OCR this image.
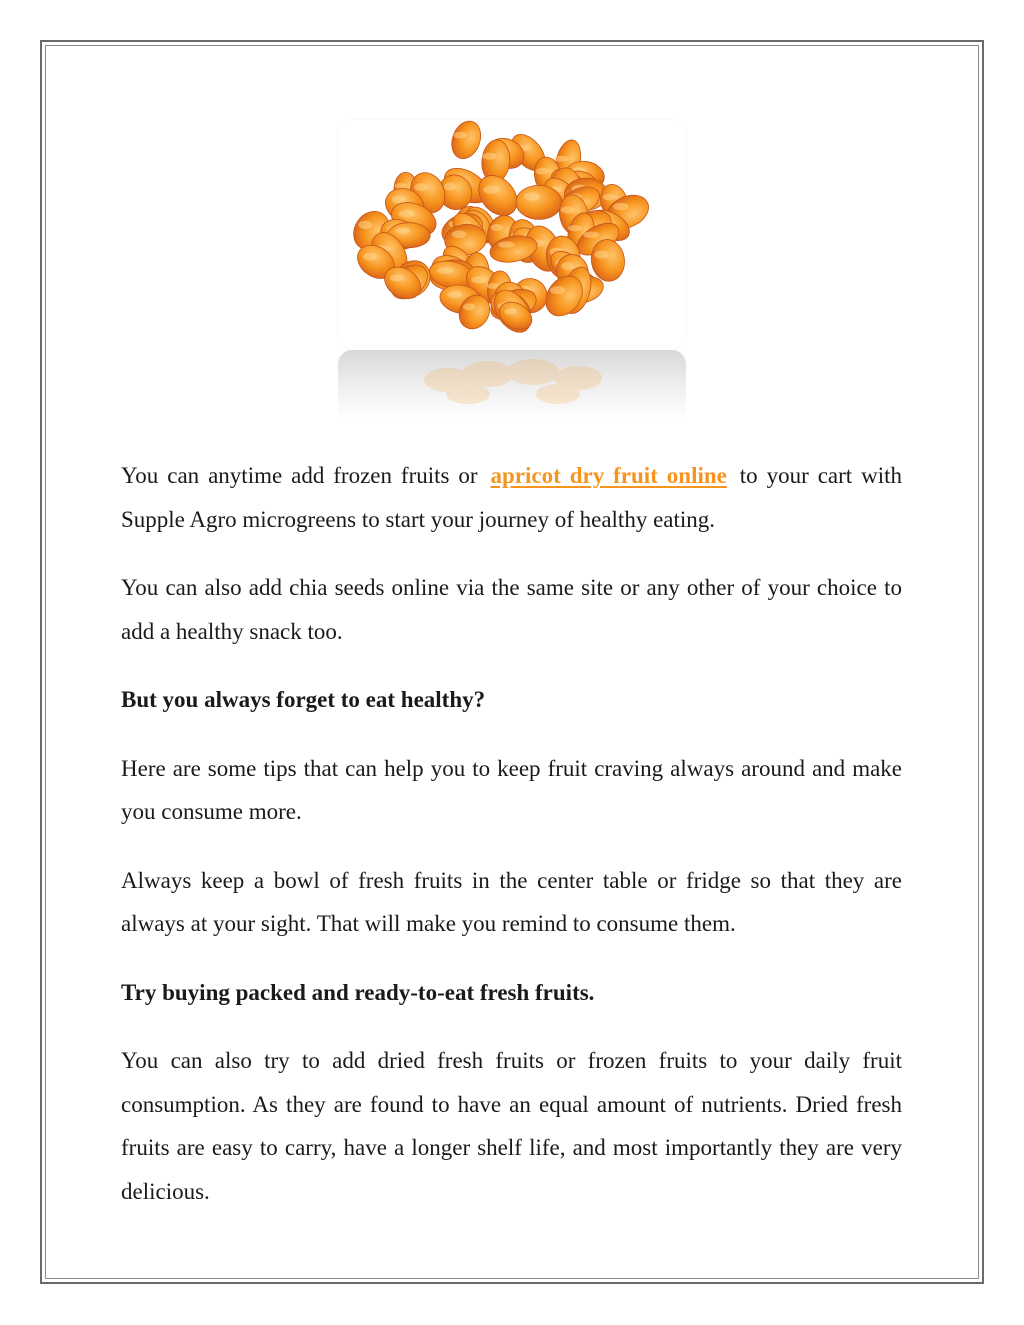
You can anytime add frozen fruits or apricot dry fruit online to your cart with Supple Agro microgreens to start your journey of healthy eating.

You can also add chia seeds online via the same site or any other of your choice to add a healthy snack too.

But you always forget to eat healthy?

Here are some tips that can help you to keep fruit craving always around and make you consume more.

Always keep a bowl of fresh fruits in the center table or fridge so that they are always at your sight. That will make you remind to consume them.

Try buying packed and ready-to-eat fresh fruits.

You can also try to add dried fresh fruits or frozen fruits to your daily fruit consumption. As they are found to have an equal amount of nutrients. Dried fresh fruits are easy to carry, have a longer shelf life, and most importantly they are very delicious.
